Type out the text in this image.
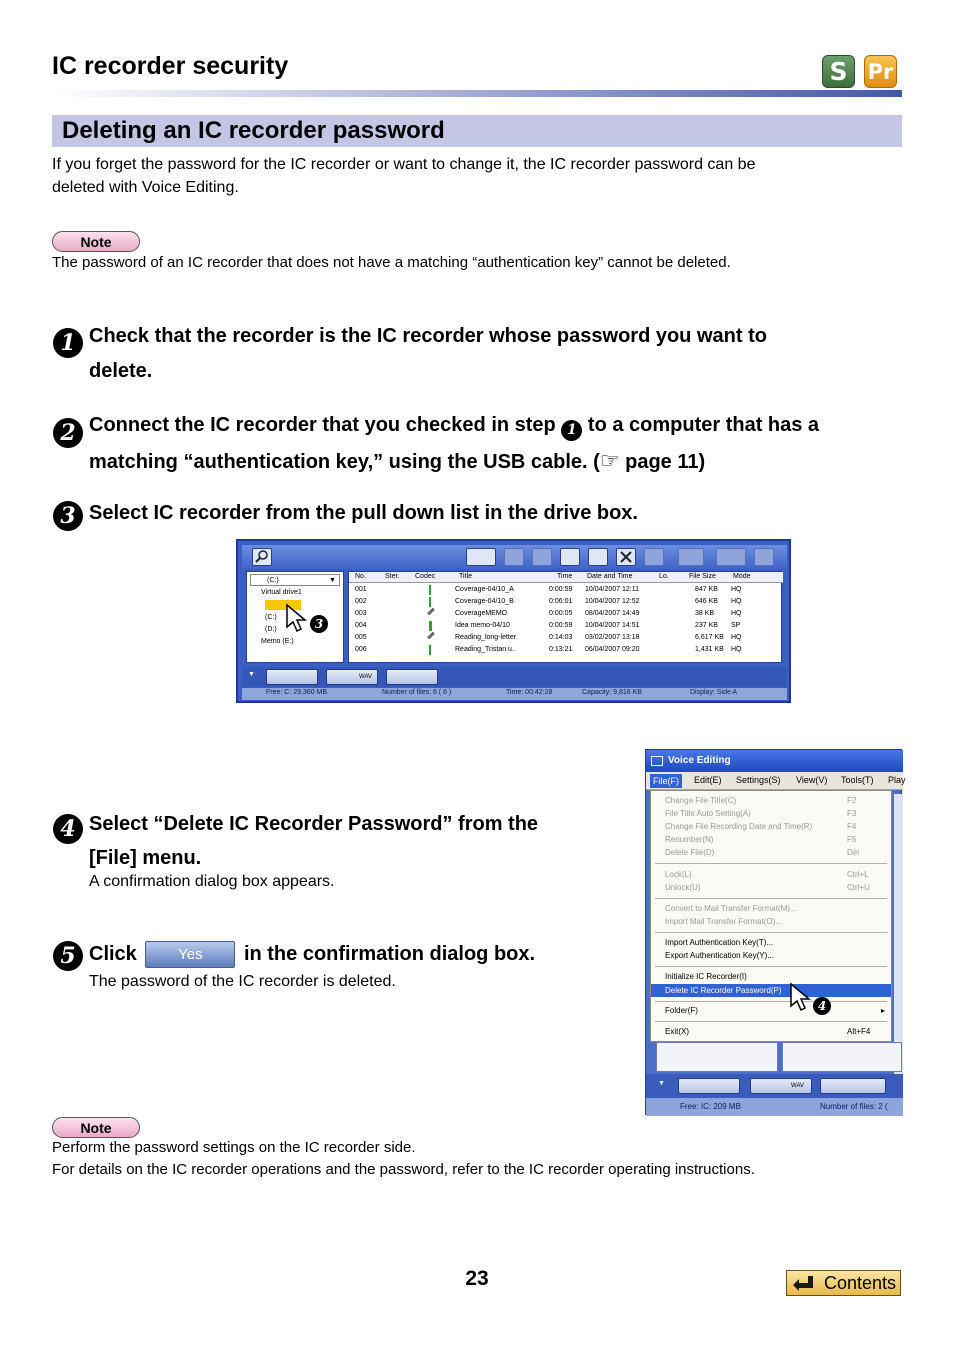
IC recorder security	S Pr
Deleting an IC recorder password
If you forget the password for the IC recorder or want to change it, the IC recorder password can be
deleted with Voice Editing.
Note
The password of an IC recorder that does not have a matching “authentication key” cannot be deleted.
1 Check that the recorder is the IC recorder whose password you want to
delete.
2 Connect the IC recorder that you checked in step 1 to a computer that has a
matching “authentication key,” using the USB cable. (☞ page 11)
3 Select IC recorder from the pull down list in the drive box.
(C:)	▼
Virtual drive1
(C:)
(D:)
Memo (E:)
3
No.	Ster. Codec	Title	Time Date and Time	Lo.	File Size Mode
001	Coverage-04/10_A	0:00:59 10/04/2007 12:11	847 KB HQ
002	Coverage-04/10_B	0:06:01 10/04/2007 12:52	646 KB HQ
003	CoverageMEMO	0:00:05 08/04/2007 14:49	38 KB HQ
004	Idea memo-04/10	0:00:59 10/04/2007 14:51	237 KB SP
005	Reading_long-letter	0:14:03 03/02/2007 13:18	6,617 KB HQ
006	Reading_Tristan u..	0:13:21 06/04/2007 09:20	1,431 KB HQ
▼	WAV
Free: C: 29,360 MB	Number of files: 6 ( 6 )	Time: 00:42:28	Capacity: 9,816 KB	Display: Side A
4 Select “Delete IC Recorder Password” from the
[File] menu.
A confirmation dialog box appears.
5 Click	Yes in the confirmation dialog box.
The password of the IC recorder is deleted.
Voice Editing
File(F)	Edit(E) Settings(S) View(V) Tools(T) Play
Change File Title(C)	F2
File Title Auto Setting(A)	F3
Change File Recording Date and Time(R)	F4
Renumber(N)	F5
Delete File(D)	Del
Lock(L)	Ctrl+L
Unlock(U)	Ctrl+U
Convert to Mail Transfer Format(M)...
Import Mail Transfer Format(O)...
Import Authentication Key(T)...
Export Authentication Key(Y)...
Initialize IC Recorder(I)
Delete IC Recorder Password(P)
Folder(F)	▸
Exit(X)	Alt+F4
4
▼	WAV
Free: IC: 209 MB	Number of files: 2 (
Note
Perform the password settings on the IC recorder side.
For details on the IC recorder operations and the password, refer to the IC recorder operating instructions.
23	Contents
